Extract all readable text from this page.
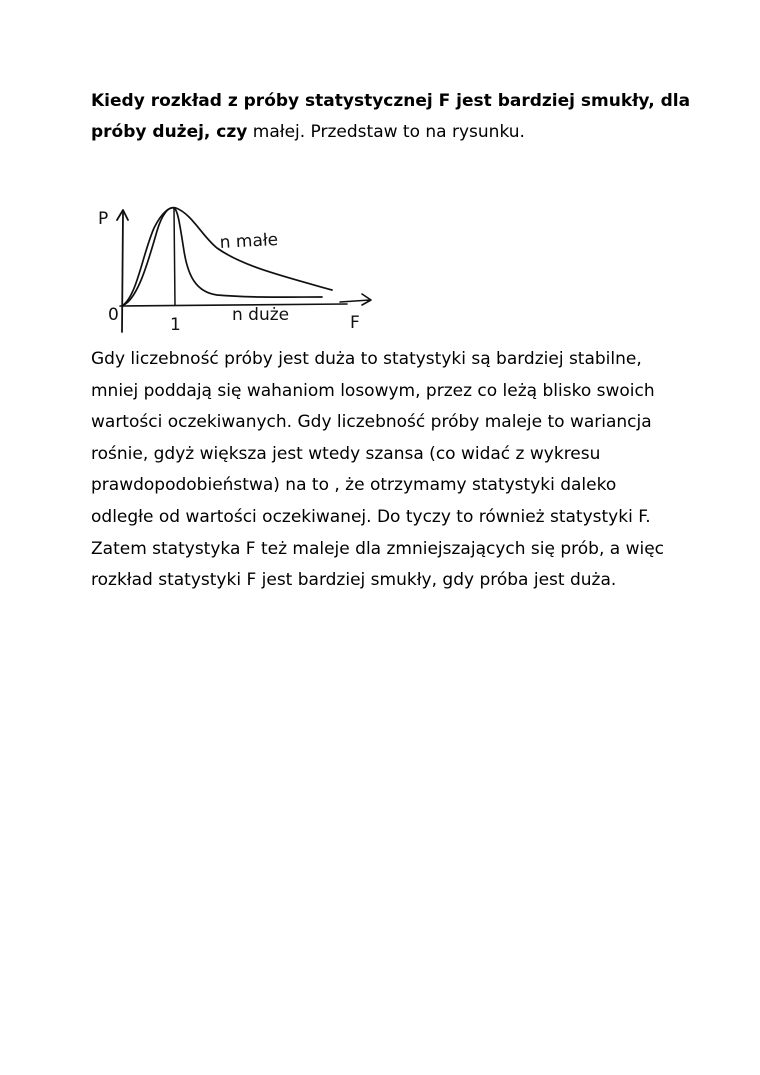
Kiedy rozkład z próby statystycznej F jest bardziej smukły, dla próby dużej, czy małej. Przedstaw to na rysunku.

P
0	1
n małe
n duże	F

Gdy liczebność próby jest duża to statystyki są bardziej stabilne, mniej poddają się wahaniom losowym, przez co leżą blisko swoich wartości oczekiwanych. Gdy liczebność próby maleje to wariancja rośnie, gdyż większa jest wtedy szansa (co widać z wykresu prawdopodobieństwa) na to , że otrzymamy statystyki daleko odległe od wartości oczekiwanej. Do tyczy to również statystyki F. Zatem statystyka F też maleje dla zmniejszających się prób, a więc rozkład statystyki F jest bardziej smukły, gdy próba jest duża.
